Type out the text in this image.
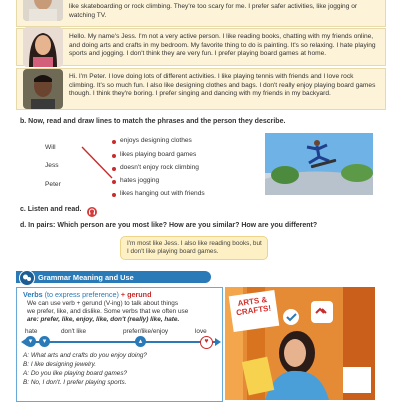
like skateboarding or rock climbing. They're too scary for me. I prefer safer activities, like jogging or watching TV.

Hello. My name's Jess. I'm not a very active person. I like reading books, chatting with my friends online, and doing arts and crafts in my bedroom. My favorite thing to do is painting. It's so relaxing. I hate playing sports and jogging. I don't think they are very fun. I prefer playing board games at home.

Hi. I'm Peter. I love doing lots of different activities. I like playing tennis with friends and I love rock climbing. It's so much fun. I also like designing clothes and bags. I don't really enjoy playing board games though. I think they're boring. I prefer singing and dancing with my friends in my backyard.

b. Now, read and draw lines to match the phrases and the person they describe.
Will
Jess
Peter
enjoys designing clothes
likes playing board games
doesn't enjoy rock climbing
hates jogging
likes hanging out with friends
c. Listen and read.
d. In pairs: Which person are you most like? How are you similar? How are you different?
I'm most like Jess. I also like reading books, but I don't like playing board games.
Grammar Meaning and Use
Verbs (to express preference) + gerund
We can use verb + gerund (V-ing) to talk about things
we prefer, like, and dislike. Some verbs that we often use
are: prefer, like, enjoy, like, don't (really) like, hate.
hate	don't like	prefer/like/enjoy	love
▾	▾	▴	♥
A: What arts and crafts do you enjoy doing?
B: I like designing jewelry.
A: Do you like playing board games?
B: No, I don't. I prefer playing sports.
ARTS & CRAFTS!
